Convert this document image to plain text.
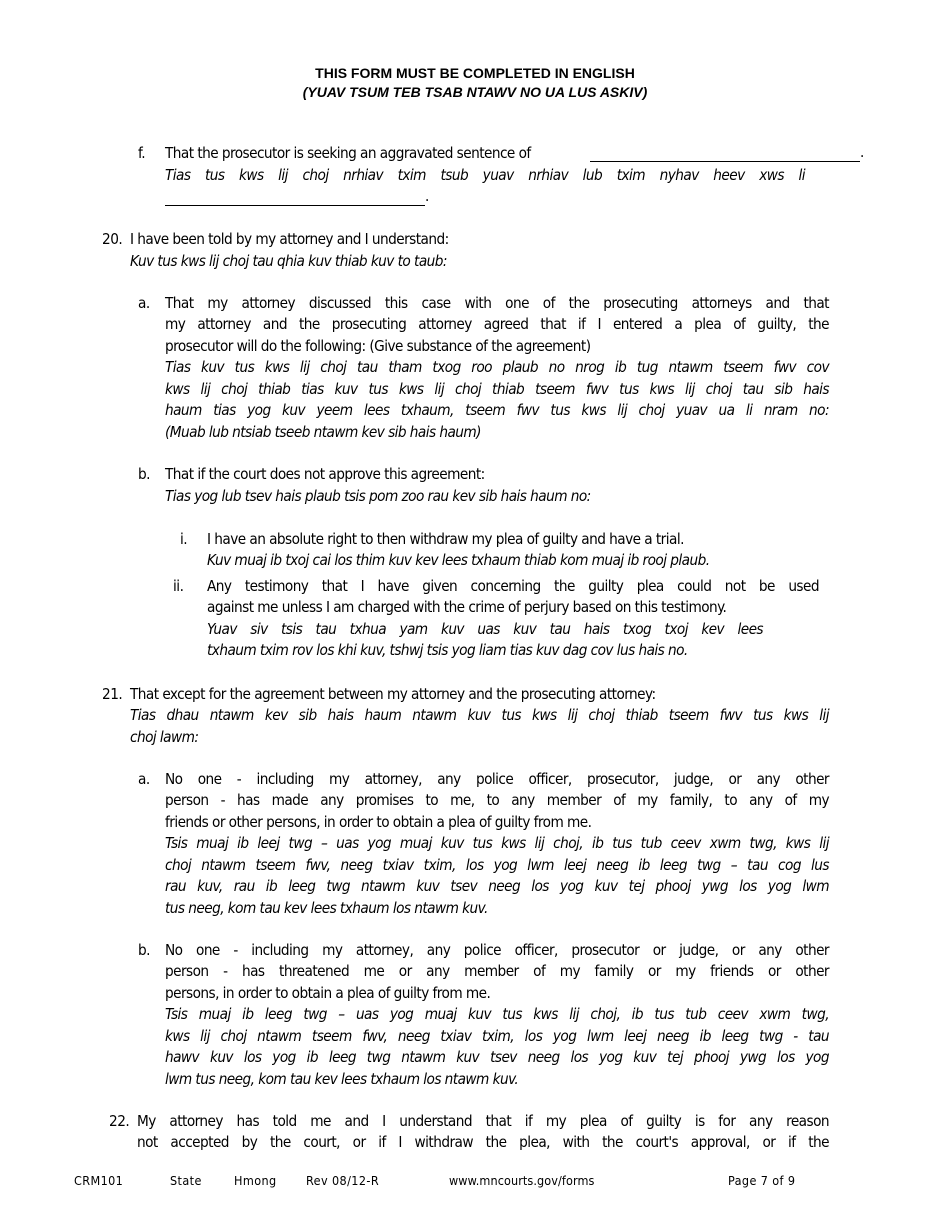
THIS FORM MUST BE COMPLETED IN ENGLISH
(YUAV TSUM TEB TSAB NTAWV NO UA LUS ASKIV)
f. That the prosecutor is seeking an aggravated sentence of	.
Tias tus kws lij choj nrhiav txim tsub yuav nrhiav lub txim nyhav heev xws li
.
20. I have been told by my attorney and I understand:
Kuv tus kws lij choj tau qhia kuv thiab kuv to taub:
a. That my attorney discussed this case with one of the prosecuting attorneys and that
my attorney and the prosecuting attorney agreed that if I entered a plea of guilty, the
prosecutor will do the following: (Give substance of the agreement)
Tias kuv tus kws lij choj tau tham txog roo plaub no nrog ib tug ntawm tseem fwv cov
kws lij choj thiab tias kuv tus kws lij choj thiab tseem fwv tus kws lij choj tau sib hais
haum tias yog kuv yeem lees txhaum, tseem fwv tus kws lij choj yuav ua li nram no:
(Muab lub ntsiab tseeb ntawm kev sib hais haum)
b. That if the court does not approve this agreement:
Tias yog lub tsev hais plaub tsis pom zoo rau kev sib hais haum no:
i. I have an absolute right to then withdraw my plea of guilty and have a trial.
Kuv muaj ib txoj cai los thim kuv kev lees txhaum thiab kom muaj ib rooj plaub.
ii. Any testimony that I have given concerning the guilty plea could not be used
against me unless I am charged with the crime of perjury based on this testimony.
Yuav siv tsis tau txhua yam kuv uas kuv tau hais txog txoj kev lees
txhaum txim rov los khi kuv, tshwj tsis yog liam tias kuv dag cov lus hais no.
21. That except for the agreement between my attorney and the prosecuting attorney:
Tias dhau ntawm kev sib hais haum ntawm kuv tus kws lij choj thiab tseem fwv tus kws lij
choj lawm:
a. No one - including my attorney, any police officer, prosecutor, judge, or any other
person - has made any promises to me, to any member of my family, to any of my
friends or other persons, in order to obtain a plea of guilty from me.
Tsis muaj ib leej twg – uas yog muaj kuv tus kws lij choj, ib tus tub ceev xwm twg, kws lij
choj ntawm tseem fwv, neeg txiav txim, los yog lwm leej neeg ib leeg twg – tau cog lus
rau kuv, rau ib leeg twg ntawm kuv tsev neeg los yog kuv tej phooj ywg los yog lwm
tus neeg, kom tau kev lees txhaum los ntawm kuv.
b. No one - including my attorney, any police officer, prosecutor or judge, or any other
person - has threatened me or any member of my family or my friends or other
persons, in order to obtain a plea of guilty from me.
Tsis muaj ib leeg twg – uas yog muaj kuv tus kws lij choj, ib tus tub ceev xwm twg,
kws lij choj ntawm tseem fwv, neeg txiav txim, los yog lwm leej neeg ib leeg twg - tau
hawv kuv los yog ib leeg twg ntawm kuv tsev neeg los yog kuv tej phooj ywg los yog
lwm tus neeg, kom tau kev lees txhaum los ntawm kuv.
22. My attorney has told me and I understand that if my plea of guilty is for any reason
not accepted by the court, or if I withdraw the plea, with the court's approval, or if the
CRM101	State	Hmong Rev 08/12-R	www.mncourts.gov/forms	Page 7 of 9
